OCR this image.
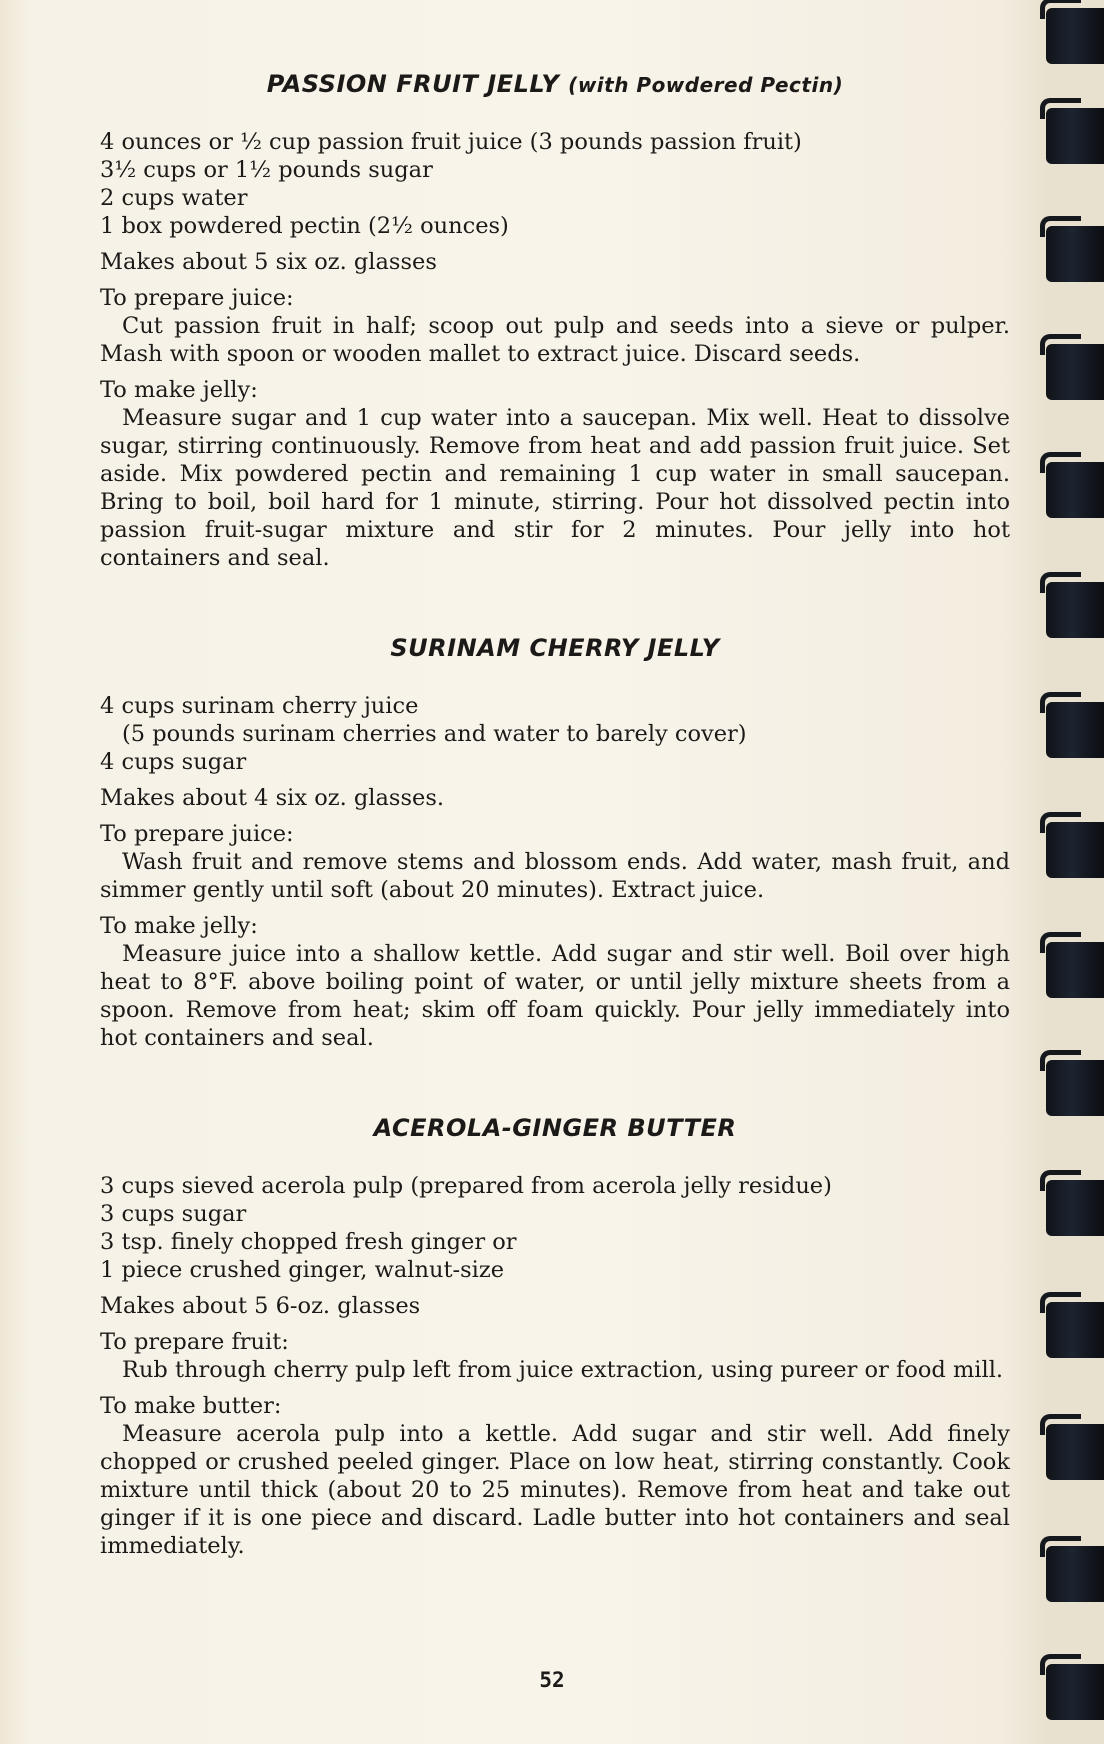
PASSION FRUIT JELLY (with Powdered Pectin)

4 ounces or ½ cup passion fruit juice (3 pounds passion fruit)

3½ cups or 1½ pounds sugar

2 cups water

1 box powdered pectin (2½ ounces)

Makes about 5 six oz. glasses

To prepare juice:

Cut passion fruit in half; scoop out pulp and seeds into a sieve or pulper. Mash with spoon or wooden mallet to extract juice. Discard seeds.

To make jelly:

Measure sugar and 1 cup water into a saucepan. Mix well. Heat to dissolve sugar, stirring continuously. Remove from heat and add passion fruit juice. Set aside. Mix powdered pectin and remaining 1 cup water in small saucepan. Bring to boil, boil hard for 1 minute, stirring. Pour hot dissolved pectin into passion fruit-sugar mixture and stir for 2 minutes. Pour jelly into hot containers and seal.

SURINAM CHERRY JELLY

4 cups surinam cherry juice

(5 pounds surinam cherries and water to barely cover)

4 cups sugar

Makes about 4 six oz. glasses.

To prepare juice:

Wash fruit and remove stems and blossom ends. Add water, mash fruit, and simmer gently until soft (about 20 minutes). Extract juice.

To make jelly:

Measure juice into a shallow kettle. Add sugar and stir well. Boil over high heat to 8°F. above boiling point of water, or until jelly mixture sheets from a spoon. Remove from heat; skim off foam quickly. Pour jelly immediately into hot containers and seal.

ACEROLA-GINGER BUTTER

3 cups sieved acerola pulp (prepared from acerola jelly residue)

3 cups sugar

3 tsp. finely chopped fresh ginger or

1 piece crushed ginger, walnut-size

Makes about 5 6-oz. glasses

To prepare fruit:

Rub through cherry pulp left from juice extraction, using pureer or food mill.

To make butter:

Measure acerola pulp into a kettle. Add sugar and stir well. Add finely chopped or crushed peeled ginger. Place on low heat, stirring constantly. Cook mixture until thick (about 20 to 25 minutes). Remove from heat and take out ginger if it is one piece and discard. Ladle butter into hot containers and seal immediately.

52
